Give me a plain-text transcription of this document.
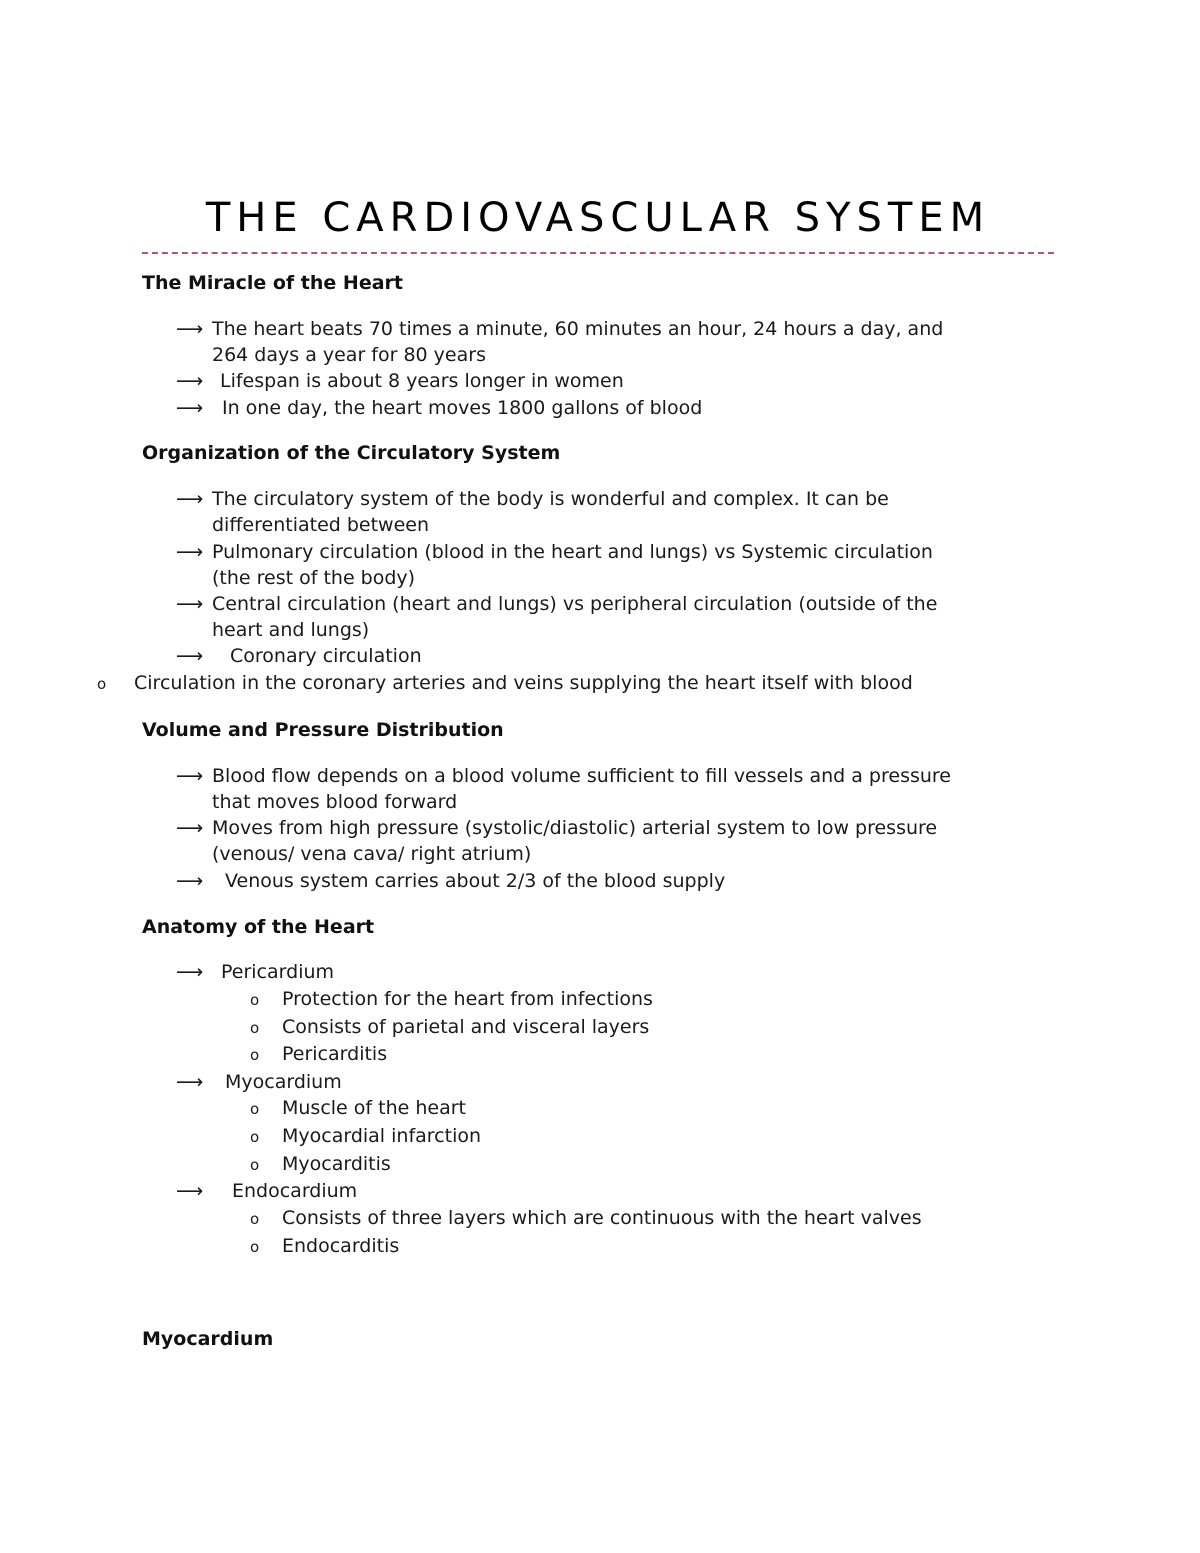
THE CARDIOVASCULAR SYSTEM
The Miracle of the Heart
⟶ The heart beats 70 times a minute, 60 minutes an hour, 24 hours a day, and
264 days a year for 80 years
⟶ Lifespan is about 8 years longer in women
⟶ In one day, the heart moves 1800 gallons of blood
Organization of the Circulatory System
⟶ The circulatory system of the body is wonderful and complex. It can be
differentiated between
⟶ Pulmonary circulation (blood in the heart and lungs) vs Systemic circulation
(the rest of the body)
⟶ Central circulation (heart and lungs) vs peripheral circulation (outside of the
heart and lungs)
⟶ Coronary circulation
o Circulation in the coronary arteries and veins supplying the heart itself with blood
Volume and Pressure Distribution
⟶ Blood flow depends on a blood volume sufficient to fill vessels and a pressure
that moves blood forward
⟶ Moves from high pressure (systolic/diastolic) arterial system to low pressure
(venous/ vena cava/ right atrium)
⟶ Venous system carries about 2/3 of the blood supply
Anatomy of the Heart
⟶ Pericardium
o Protection for the heart from infections
o Consists of parietal and visceral layers
o Pericarditis
⟶ Myocardium
o Muscle of the heart
o Myocardial infarction
o Myocarditis
⟶ Endocardium
o Consists of three layers which are continuous with the heart valves
o Endocarditis
Myocardium
